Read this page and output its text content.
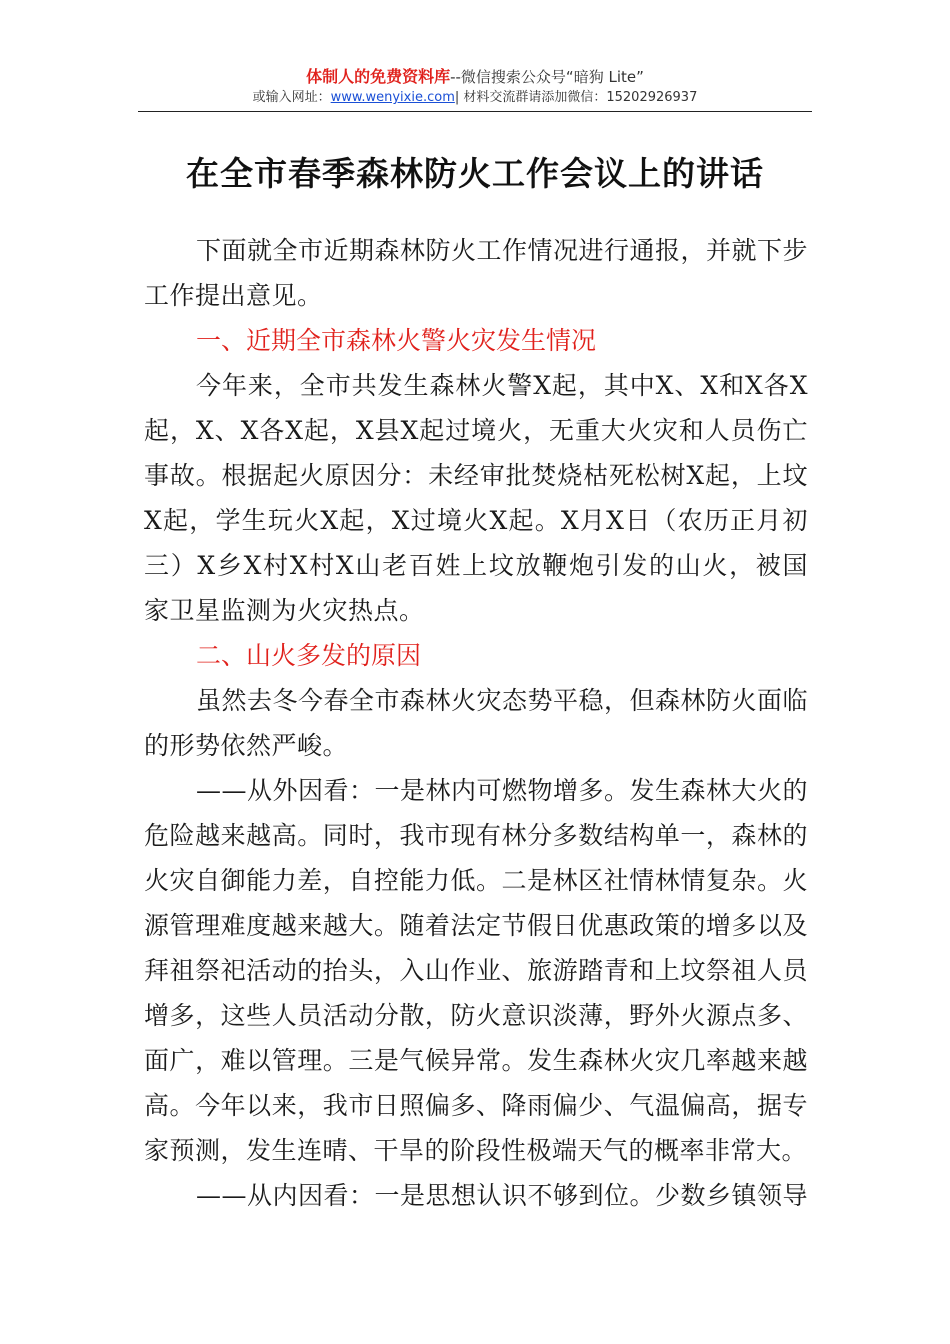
体制人的免费资料库--微信搜索公众号“暗狗 Lite”
或输入网址：www.wenyixie.com| 材料交流群请添加微信：15202926937
在全市春季森林防火工作会议上的讲话
下面就全市近期森林防火工作情况进行通报，并就下步
工作提出意见。
一、近期全市森林火警火灾发生情况
今年来，全市共发生森林火警X起，其中X、X和X各X
起，X、X各X起，X县X起过境火，无重大火灾和人员伤亡
事故。根据起火原因分：未经审批焚烧枯死松树X起，上坟
X起，学生玩火X起，X过境火X起。X月X日（农历正月初
三）X乡X村X村X山老百姓上坟放鞭炮引发的山火，被国
家卫星监测为火灾热点。
二、山火多发的原因
虽然去冬今春全市森林火灾态势平稳，但森林防火面临
的形势依然严峻。
——从外因看：一是林内可燃物增多。发生森林大火的
危险越来越高。同时，我市现有林分多数结构单一，森林的
火灾自御能力差，自控能力低。二是林区社情林情复杂。火
源管理难度越来越大。随着法定节假日优惠政策的增多以及
拜祖祭祀活动的抬头，入山作业、旅游踏青和上坟祭祖人员
增多，这些人员活动分散，防火意识淡薄，野外火源点多、
面广，难以管理。三是气候异常。发生森林火灾几率越来越
高。今年以来，我市日照偏多、降雨偏少、气温偏高，据专
家预测，发生连晴、干旱的阶段性极端天气的概率非常大。
——从内因看：一是思想认识不够到位。少数乡镇领导
